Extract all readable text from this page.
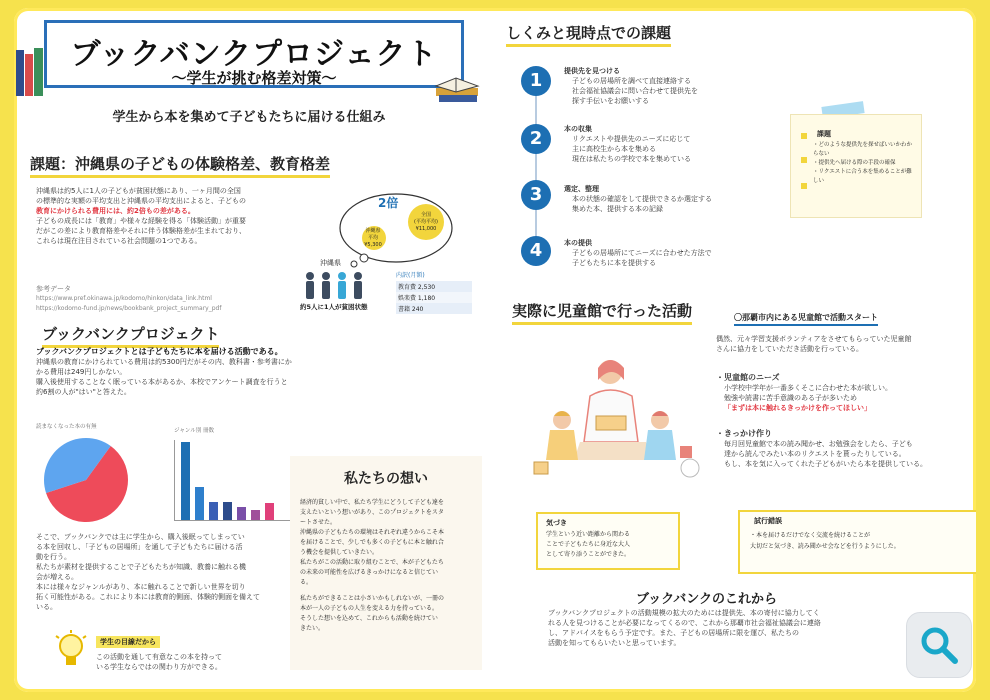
ブックバンクプロジェクト
〜学生が挑む格差対策〜
学生から本を集めて子どもたちに届ける仕組み
課題：沖縄県の子どもの体験格差、教育格差
沖縄県は約5人に1人の子どもが貧困状態にあり、一ヶ月間の全国
の標準的な実額の平均支出と沖縄県の平均支出によると、子どもの
教育にかけられる費用には、約2倍もの差がある。
子どもの成長には「教育」や様々な経験を得る「体験活動」が重要
だがこの差により教育格差やそれに伴う体験格差が生まれており、
これらは現在注目されている社会問題の1つである。
参考データ
https://www.pref.okinawa.jp/kodomo/hinkon/data_link.html
https://kodomo-fund.jp/news/bookbank_project_summary_pdf
2倍
沖縄県
平均
¥5,300
全国
(平均平均)
¥11,000
沖縄県
約5人に1人が貧困状態
内訳(月額)
教育費 2,530
娯楽費 1,180
書籍 240
ブックバンクプロジェクト
ブックバンクプロジェクトとは子どもたちに本を届ける活動である。
沖縄県の教育にかけられている費用は約5300円だがその内、教科書・参考書にか
かる費用は249円しかない。
購入後使用することなく眠っている本があるか、本校でアンケート調査を行うと
約6割の人が"はい"と答えた。
読まなくなった本の有無
ジャンル別 冊数
そこで、ブックバンクでは主に学生から、購入後眠ってしまってい
る本を回収し、「子どもの居場所」を通して子どもたちに届ける活
動を行う。
私たちが素材を提供することで子どもたちが知識、教養に触れる機
会が増える。
本には様々なジャンルがあり、本に触れることで新しい世界を切り
拓く可能性がある。これにより本には教育的側面、体験的側面を備えて
いる。
学生の目線だから
この活動を通して有意なこの本を持って
いる学生ならではの関わり方ができる。
私たちの想い
経済的貧しい中で、私たち学生にどうして子ども達を
支えたいという想いがあり、このプロジェクトをスタ
ートさせた。
沖縄県の子どもたちの環境はそれぞれ違うからこそ本
を届けることで、少しでも多くの子どもに本と触れ合
う機会を提供していきたい。
私たちがこの活動に取り組むことで、本が子どもたち
の未来の可能性を広げるきっかけになると信じてい
る。
私たちができることは小さいかもしれないが、一冊の
本が一人の子どもの人生を変える力を持っている。
そうした想いを込めて、これからも活動を続けてい
きたい。
しくみと現時点での課題
1	提供先を見つける
子どもの居場所を調べて直接連絡する
社会福祉協議会に問い合わせて提供先を
探す手伝いをお願いする
2	本の収集
リクエストや提供先のニーズに応じて
主に高校生から本を集める
現在は私たちの学校で本を集めている
3	選定、整理
本の状態の確認をして提供できるか選定する
集めた本、提供する本の記録
4	本の提供
子どもの居場所にてニーズに合わせた方法で
子どもたちに本を提供する
課題
・どのような提供先を探せばいいかわからない
・提供先へ届ける際の手段の確保
・リクエストに合う本を集めることが難しい
実際に児童館で行った活動	〇那覇市内にある児童館で活動スタート
偶然、元々学習支援ボランティアをさせてもらっていた児童館
さんに協力をしていただき活動を行っている。
・児童館のニーズ
小学校中学年が一番多くそこに合わせた本が欲しい。
勉強や読書に苦手意識のある子が多いため
「まずは本に触れるきっかけを作ってほしい」
・きっかけ作り
毎月回児童館で本の読み聞かせ、お勉強会をしたら、子ども
達から読んでみたい本のリクエストを貰ったりしている。
もし、本を気に入ってくれた子どもがいたら本を提供している。
気づき
学生という近い距離から関わる
ことで子どもたちに身近な大人
として寄り添うことができた。
試行錯誤
・本を届けるだけでなく交流を続けることが
大切だと気づき、読み聞かせ会などを行うようにした。
ブックバンクのこれから
ブックバンクプロジェクトの活動規模の拡大のためには提供先、本の寄付に協力してく
れる人を見つけることが必要になってくるので、これから那覇市社会福祉協議会に連絡
し、アドバイスをもらう予定です。また、子どもの居場所に限を運び、私たちの
活動を知ってもらいたいと思っています。
